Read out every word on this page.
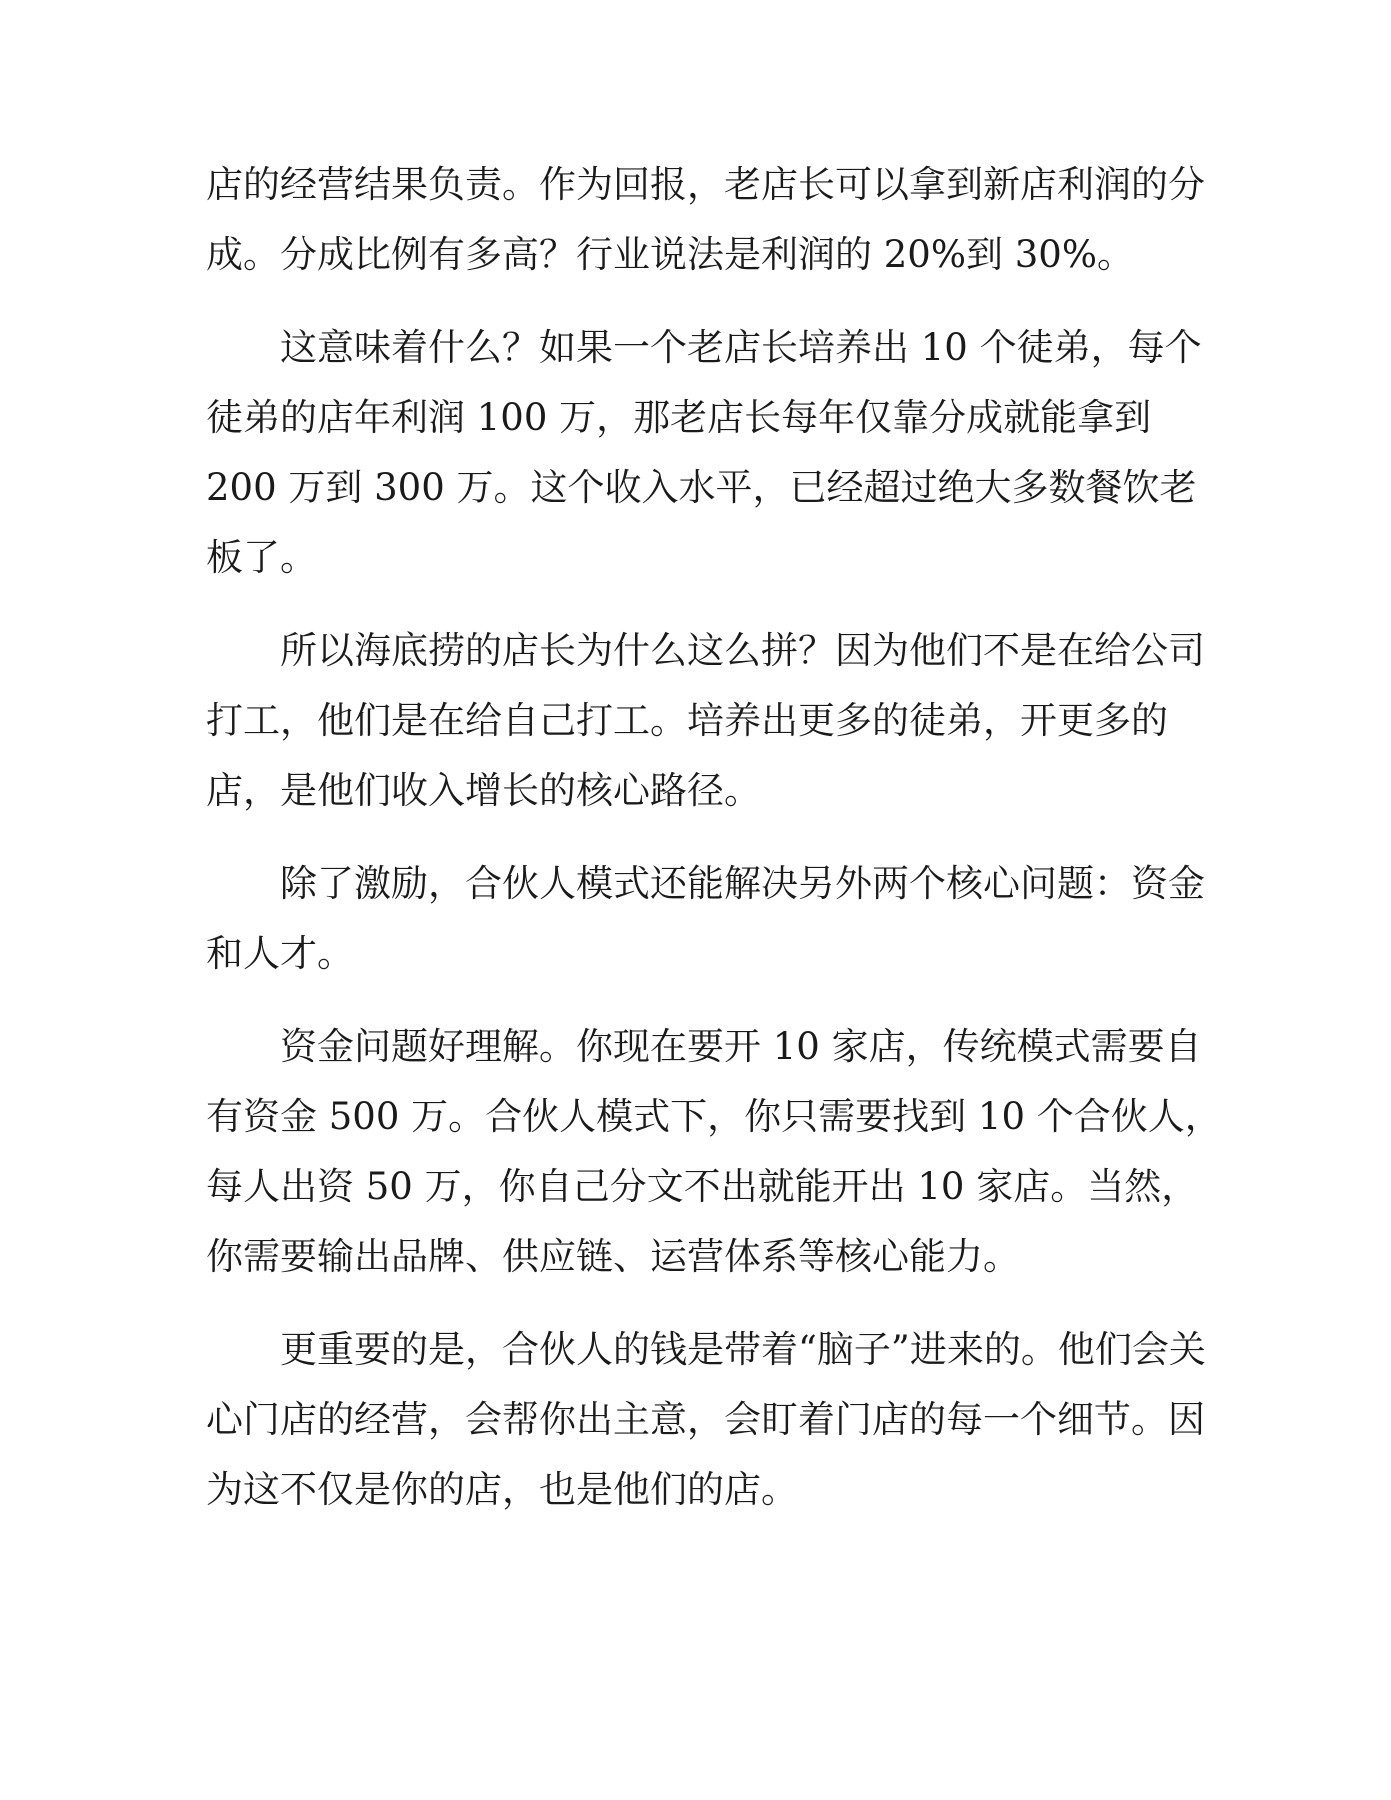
店的经营结果负责。作为回报，老店长可以拿到新店利润的分
成。分成比例有多高？行业说法是利润的 20%到 30%。
这意味着什么？如果一个老店长培养出 10 个徒弟，每个
徒弟的店年利润 100 万，那老店长每年仅靠分成就能拿到
200 万到 300 万。这个收入水平，已经超过绝大多数餐饮老
板了。
所以海底捞的店长为什么这么拼？因为他们不是在给公司
打工，他们是在给自己打工。培养出更多的徒弟，开更多的
店，是他们收入增长的核心路径。
除了激励，合伙人模式还能解决另外两个核心问题：资金
和人才。
资金问题好理解。你现在要开 10 家店，传统模式需要自
有资金 500 万。合伙人模式下，你只需要找到 10 个合伙人，
每人出资 50 万，你自己分文不出就能开出 10 家店。当然，
你需要输出品牌、供应链、运营体系等核心能力。
更重要的是，合伙人的钱是带着“脑子”进来的。他们会关
心门店的经营，会帮你出主意，会盯着门店的每一个细节。因
为这不仅是你的店，也是他们的店。
